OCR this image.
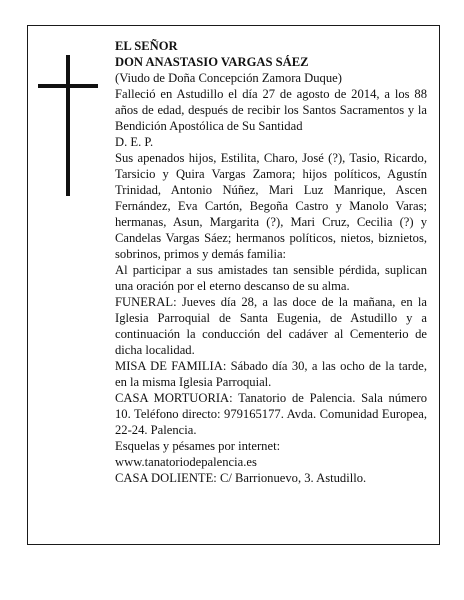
EL SEÑOR

DON ANASTASIO VARGAS SÁEZ

(Viudo de Doña Concepción Zamora Duque)

Falleció en Astudillo el día 27 de agosto de 2014, a los 88 años de edad, después de recibir los Santos Sacramentos y la Bendición Apostólica de Su Santidad

D. E. P.

Sus apenados hijos, Estilita, Charo, José (?), Tasio, Ricardo, Tarsicio y Quira Vargas Zamora; hijos políticos, Agustín Trinidad, Antonio Núñez, Mari Luz Manrique, Ascen Fernández, Eva Cartón, Begoña Castro y Manolo Varas; hermanas, Asun, Margarita (?), Mari Cruz, Cecilia (?) y Candelas Vargas Sáez; hermanos políticos, nietos, biznietos, sobrinos, primos y demás familia:

Al participar a sus amistades tan sensible pérdida, suplican una oración por el eterno descanso de su alma.

FUNERAL: Jueves día 28, a las doce de la mañana, en la Iglesia Parroquial de Santa Eugenia, de Astudillo y a continuación la conducción del cadáver al Cementerio de dicha localidad.

MISA DE FAMILIA: Sábado día 30, a las ocho de la tarde, en la misma Iglesia Parroquial.

CASA MORTUORIA: Tanatorio de Palencia. Sala número 10. Teléfono directo: 979165177. Avda. Comunidad Europea, 22-24. Palencia.

Esquelas y pésames por internet:

www.tanatoriodepalencia.es

CASA DOLIENTE: C/ Barrionuevo, 3. Astudillo.
